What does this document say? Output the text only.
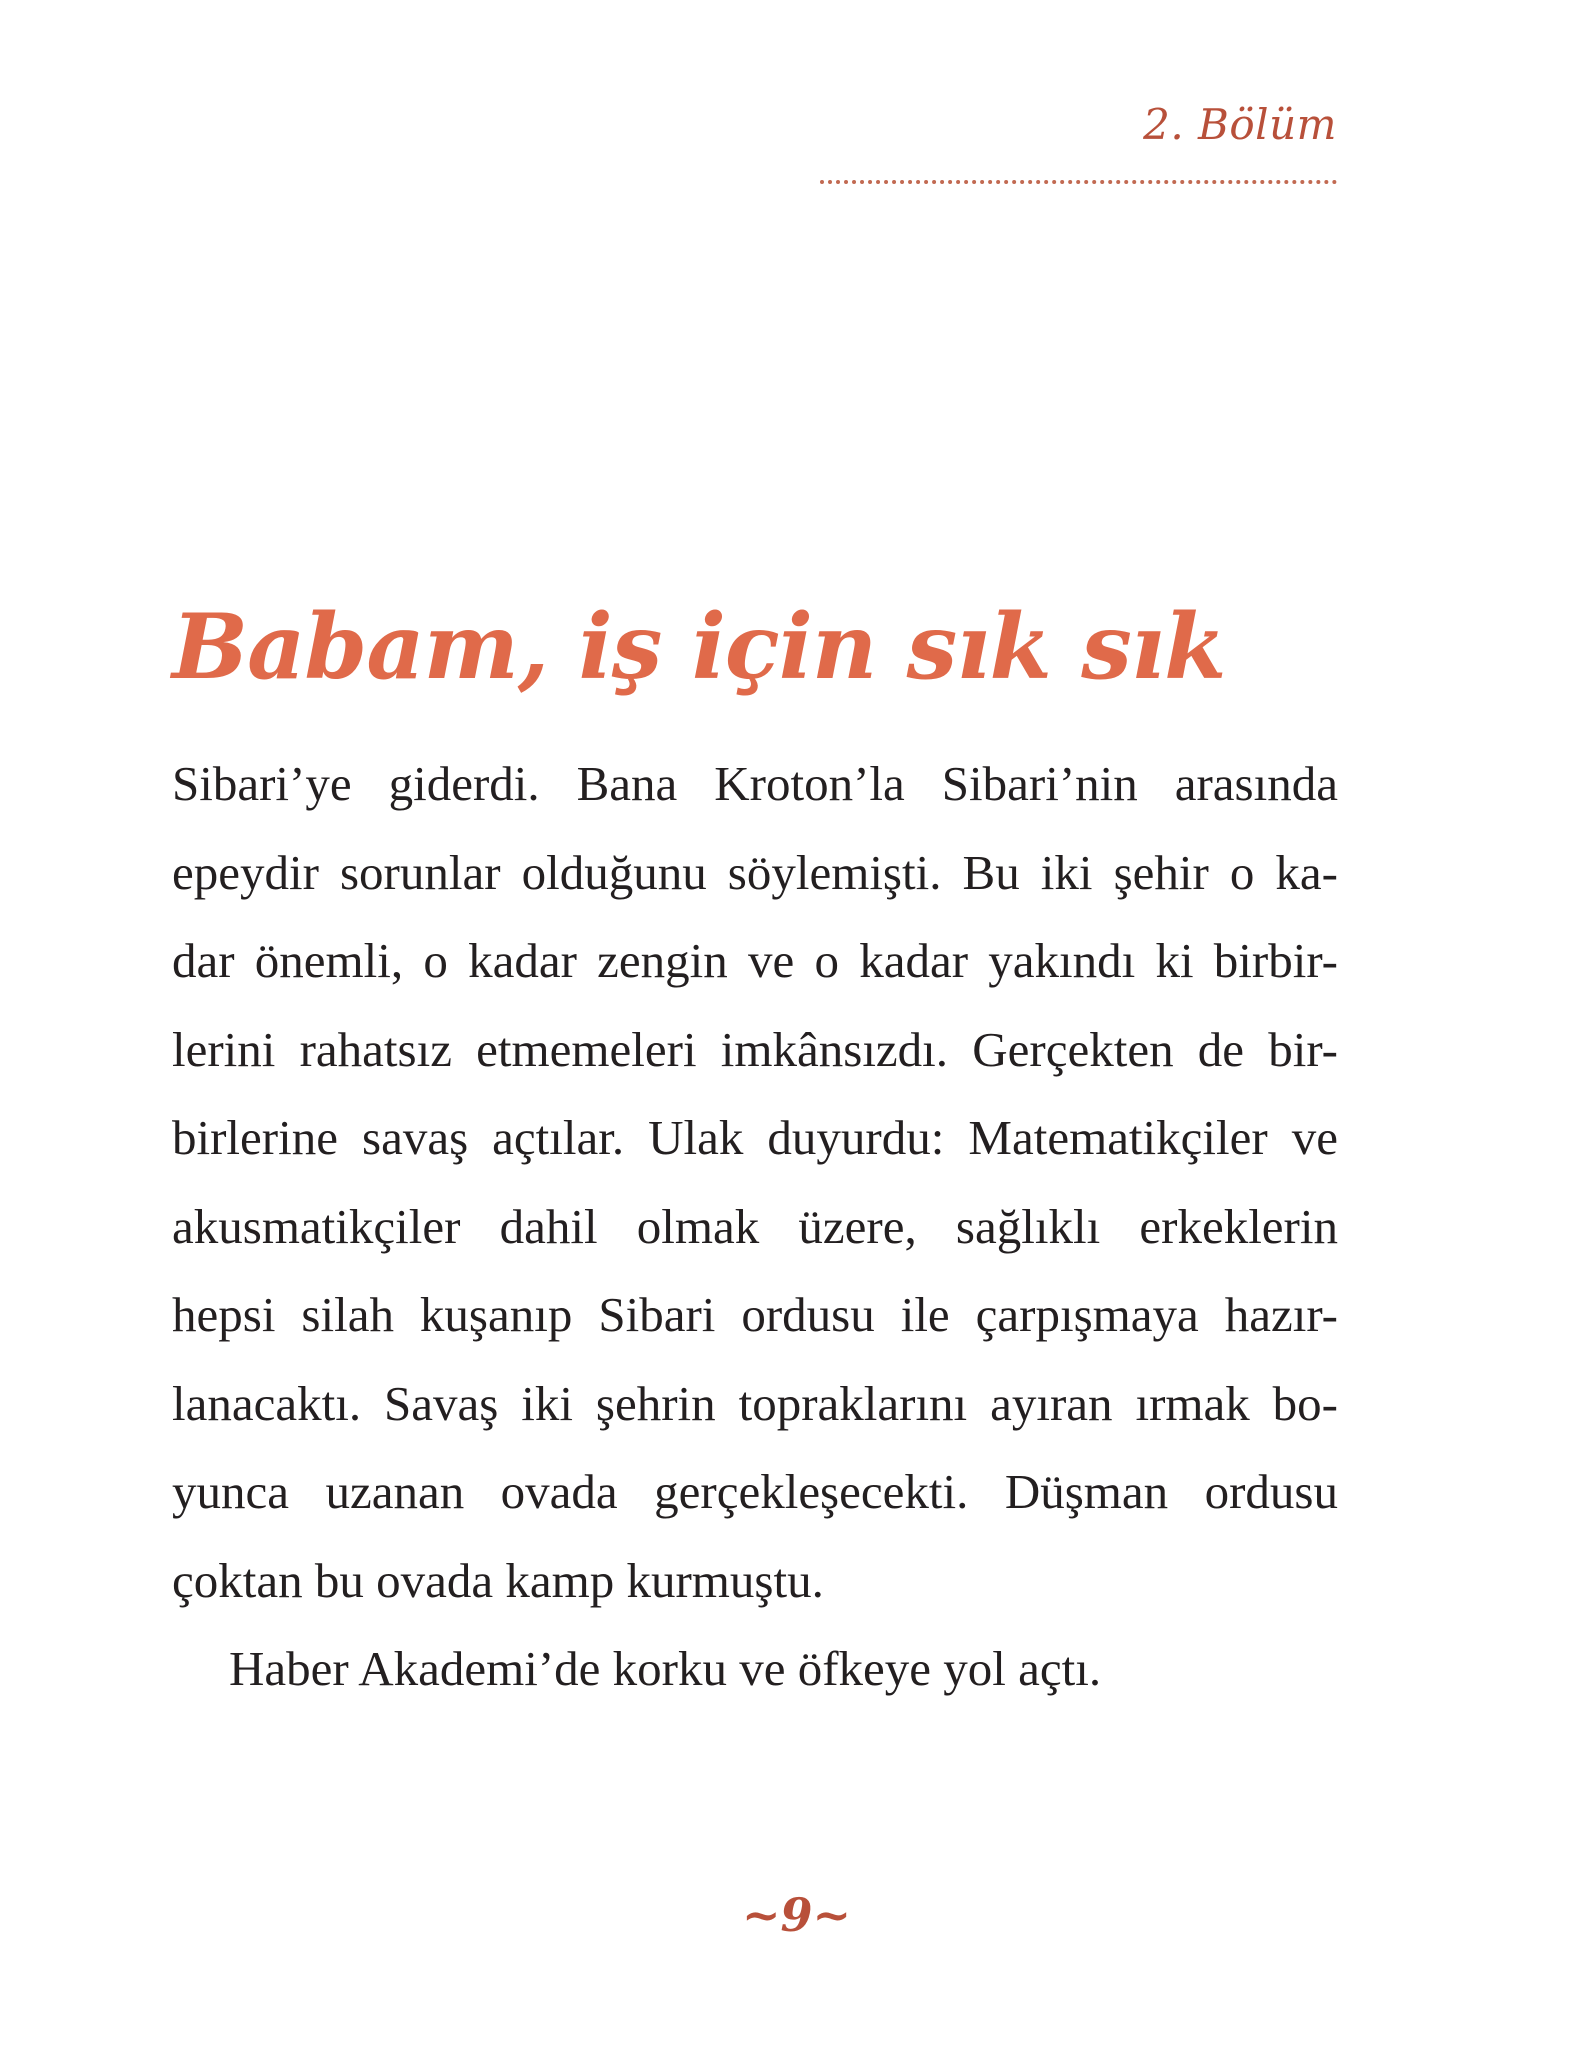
2. Bölüm
Babam, iş için sık sık

Sibari’ye giderdi. Bana Kroton’la Sibari’nin arasında
epeydir sorunlar olduğunu söylemişti. Bu iki şehir o ka-
dar önemli, o kadar zengin ve o kadar yakındı ki birbir-
lerini rahatsız etmemeleri imkânsızdı. Gerçekten de bir-
birlerine savaş açtılar. Ulak duyurdu: Matematikçiler ve
akusmatikçiler dahil olmak üzere, sağlıklı erkeklerin
hepsi silah kuşanıp Sibari ordusu ile çarpışmaya hazır-
lanacaktı. Savaş iki şehrin topraklarını ayıran ırmak bo-
yunca uzanan ovada gerçekleşecekti. Düşman ordusu
çoktan bu ovada kamp kurmuştu.

Haber Akademi’de korku ve öfkeye yol açtı.

~9~
